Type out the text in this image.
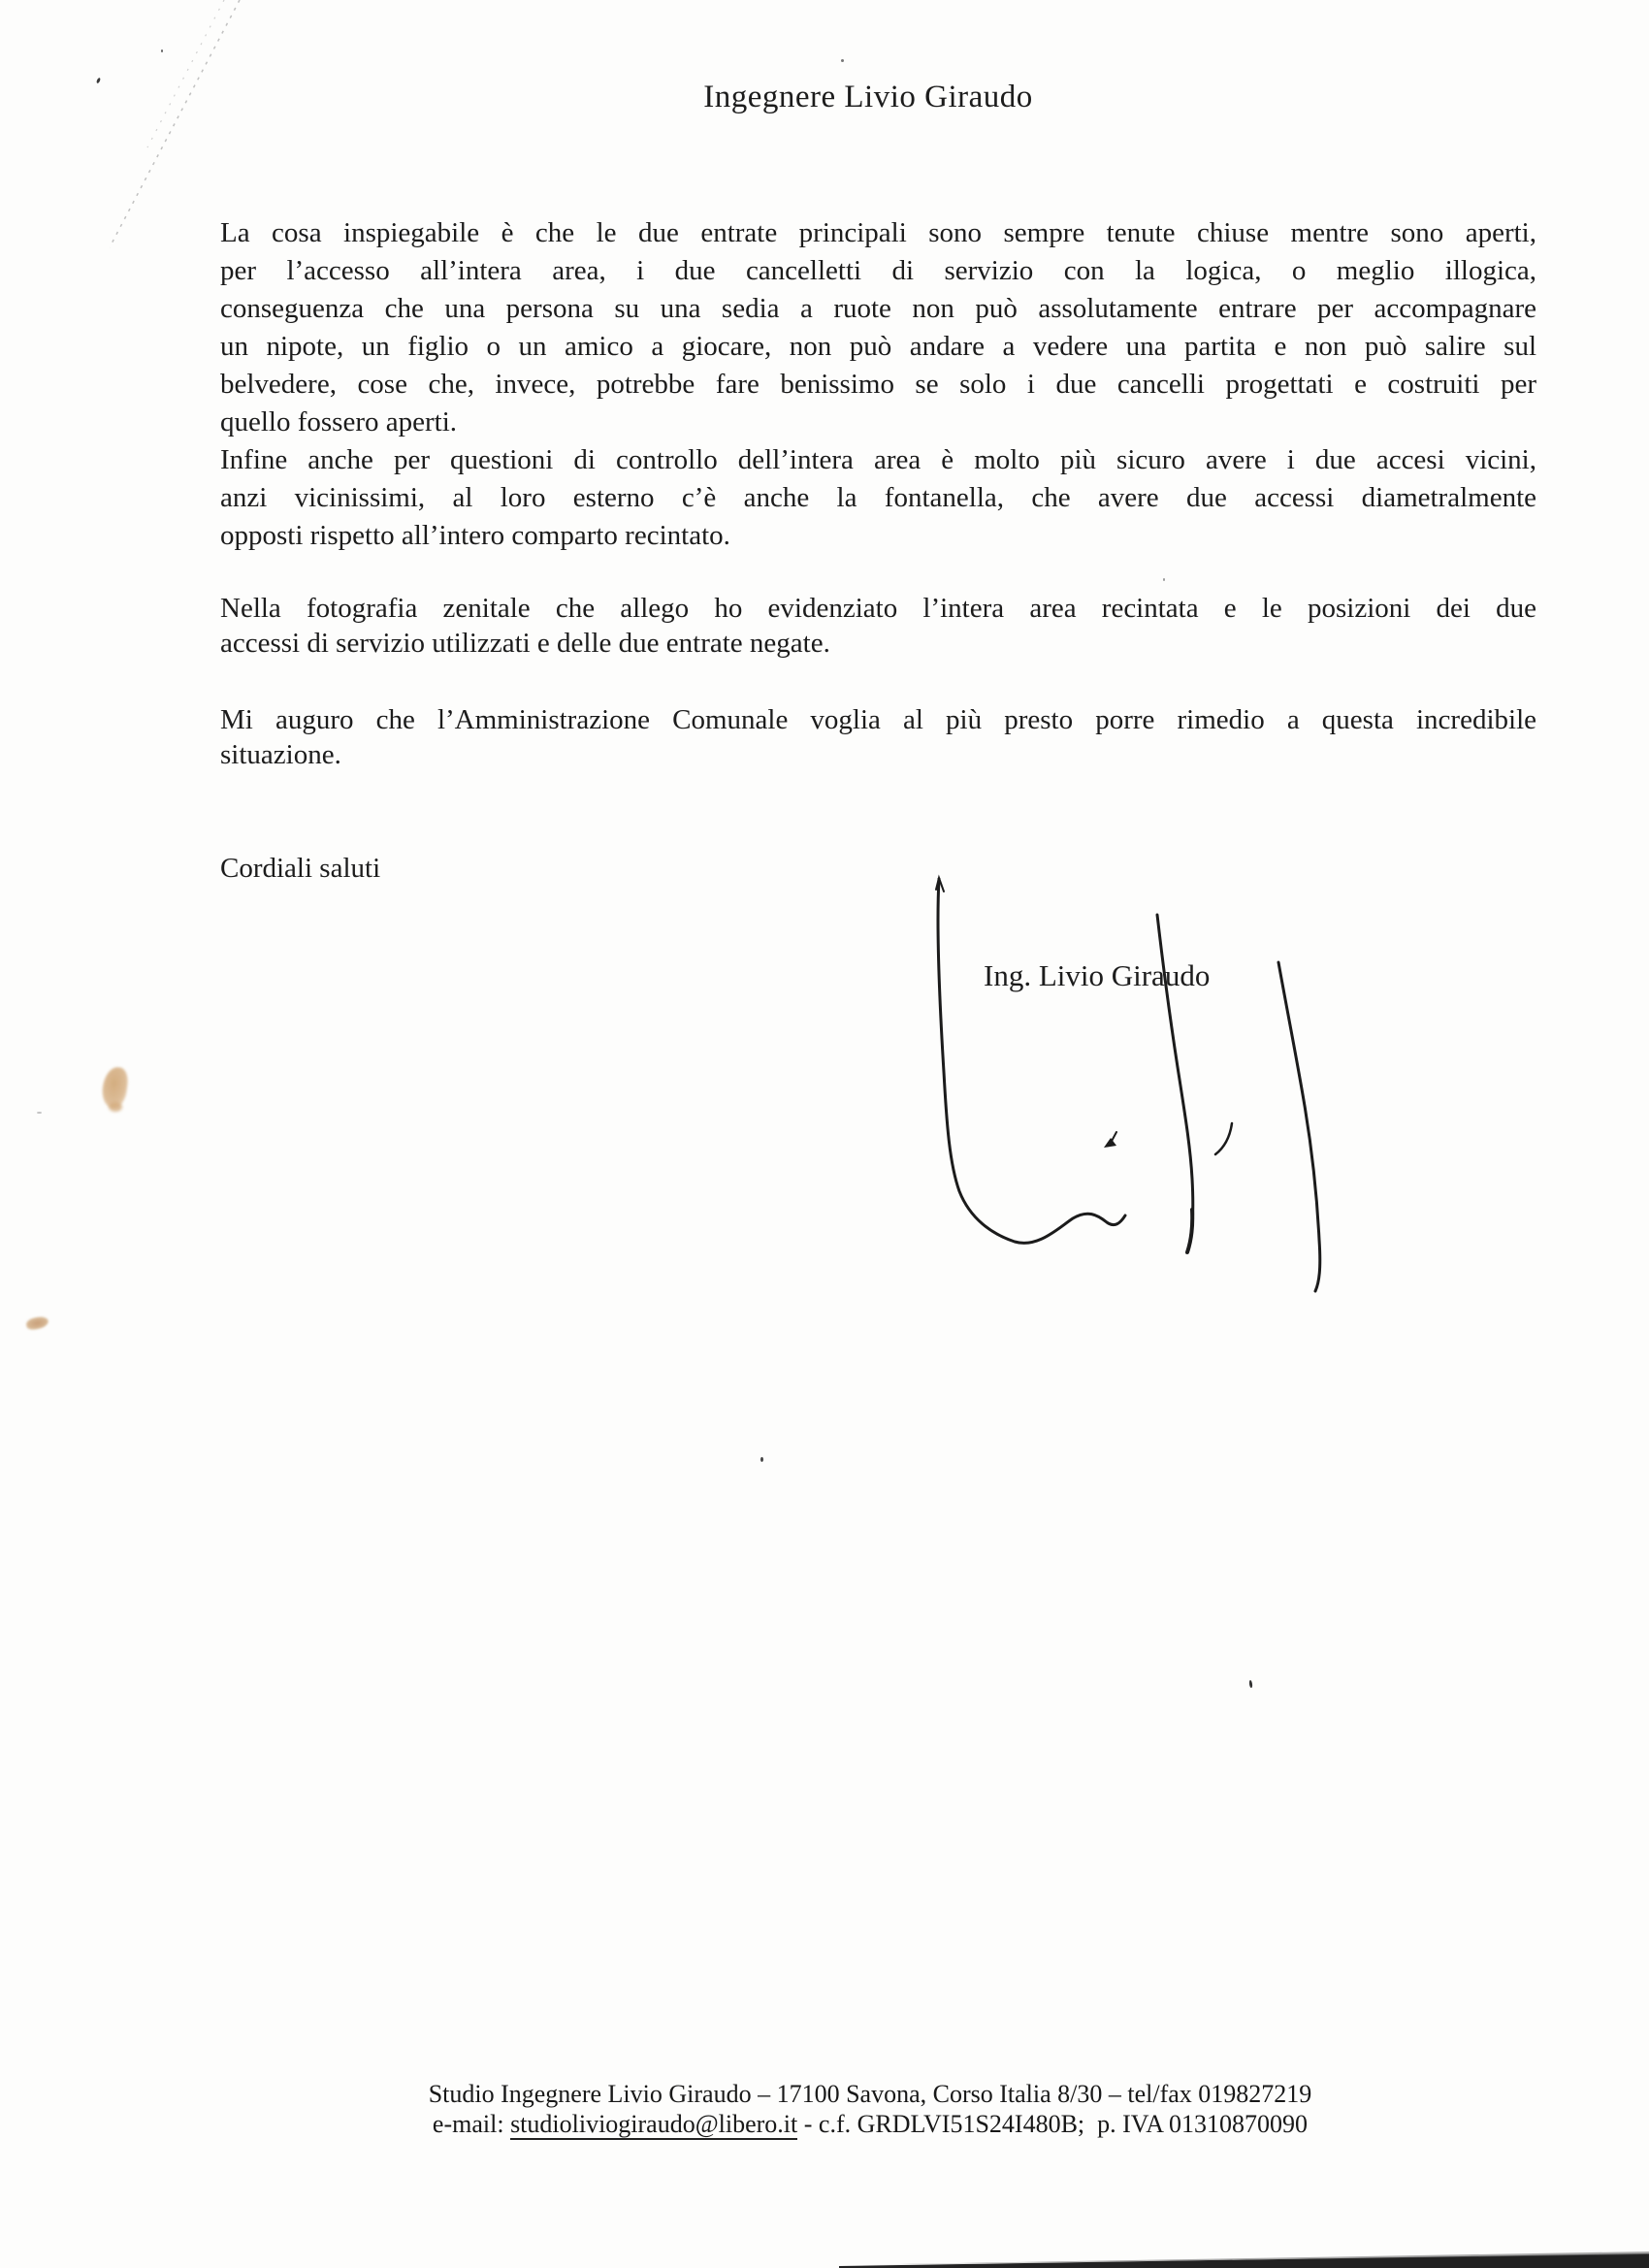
Ingegnere Livio Giraudo
La cosa inspiegabile è che le due entrate principali sono sempre tenute chiuse mentre sono aperti,
per l’accesso all’intera area, i due cancelletti di servizio con la logica, o meglio illogica,
conseguenza che una persona su una sedia a ruote non può assolutamente entrare per accompagnare
un nipote, un figlio o un amico a giocare, non può andare a vedere una partita e non può salire sul
belvedere, cose che, invece, potrebbe fare benissimo se solo i due cancelli progettati e costruiti per
quello fossero aperti.
Infine anche per questioni di controllo dell’intera area è molto più sicuro avere i due accesi vicini,
anzi vicinissimi, al loro esterno c’è anche la fontanella, che avere due accessi diametralmente
opposti rispetto all’intero comparto recintato.
Nella fotografia zenitale che allego ho evidenziato l’intera area recintata e le posizioni dei due
accessi di servizio utilizzati e delle due entrate negate.
Mi auguro che l’Amministrazione Comunale voglia al più presto porre rimedio a questa incredibile
situazione.
Cordiali saluti
Ing. Livio Giraudo
Studio Ingegnere Livio Giraudo – 17100 Savona, Corso Italia 8/30 – tel/fax 019827219
e-mail: studioliviogiraudo@libero.it - c.f. GRDLVI51S24I480B;  p. IVA 01310870090
